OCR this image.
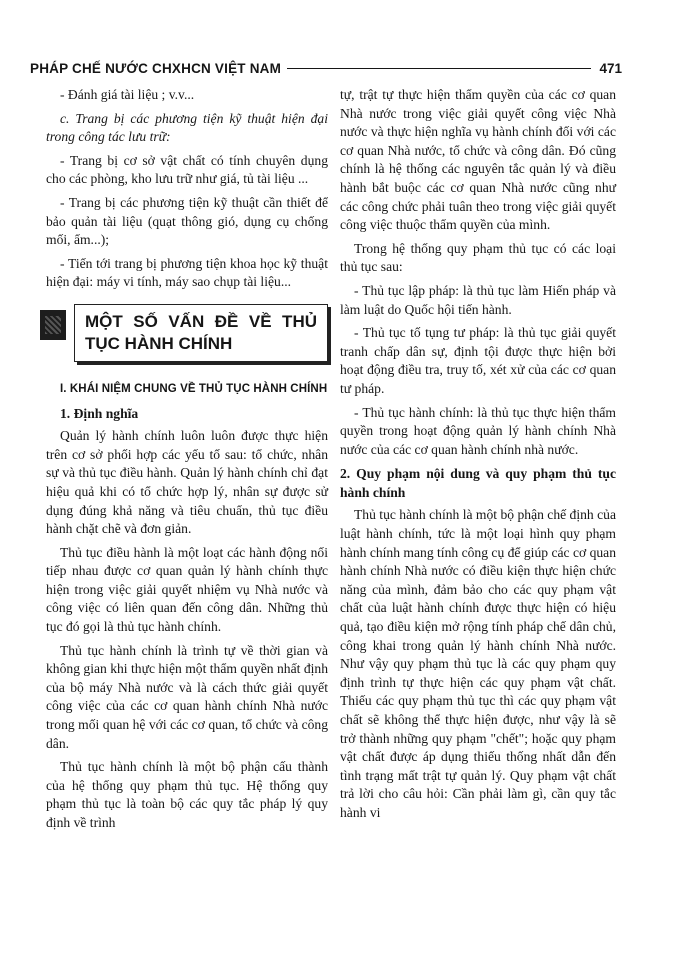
PHÁP CHẾ NƯỚC CHXHCN VIỆT NAM	471

- Đánh giá tài liệu ; v.v...

c. Trang bị các phương tiện kỹ thuật hiện đại trong công tác lưu trữ:

- Trang bị cơ sở vật chất có tính chuyên dụng cho các phòng, kho lưu trữ như giá, tủ tài liệu ...

- Trang bị các phương tiện kỹ thuật cần thiết để bảo quản tài liệu (quạt thông gió, dụng cụ chống mối, ẩm...);

- Tiến tới trang bị phương tiện khoa học kỹ thuật hiện đại: máy vi tính, máy sao chụp tài liệu...

MỘT SỐ VẤN ĐỀ VỀ THỦ TỤC HÀNH CHÍNH
I. KHÁI NIỆM CHUNG VỀ THỦ TỤC HÀNH CHÍNH
1. Định nghĩa

Quản lý hành chính luôn luôn được thực hiện trên cơ sở phối hợp các yếu tố sau: tổ chức, nhân sự và thủ tục điều hành. Quản lý hành chính chỉ đạt hiệu quả khi có tổ chức hợp lý, nhân sự được sử dụng đúng khả năng và tiêu chuẩn, thủ tục điều hành chặt chẽ và đơn giản.

Thủ tục điều hành là một loạt các hành động nối tiếp nhau được cơ quan quản lý hành chính thực hiện trong việc giải quyết nhiệm vụ Nhà nước và công việc có liên quan đến công dân. Những thủ tục đó gọi là thủ tục hành chính.

Thủ tục hành chính là trình tự về thời gian và không gian khi thực hiện một thẩm quyền nhất định của bộ máy Nhà nước và là cách thức giải quyết công việc của các cơ quan hành chính Nhà nước trong mối quan hệ với các cơ quan, tổ chức và công dân.

Thủ tục hành chính là một bộ phận cấu thành của hệ thống quy phạm thủ tục. Hệ thống quy phạm thủ tục là toàn bộ các quy tắc pháp lý quy định về trình

tự, trật tự thực hiện thẩm quyền của các cơ quan Nhà nước trong việc giải quyết công việc Nhà nước và thực hiện nghĩa vụ hành chính đối với các cơ quan Nhà nước, tổ chức và công dân. Đó cũng chính là hệ thống các nguyên tắc quản lý và điều hành bắt buộc các cơ quan Nhà nước cũng như các công chức phải tuân theo trong việc giải quyết công việc thuộc thẩm quyền của mình.

Trong hệ thống quy phạm thủ tục có các loại thủ tục sau:

- Thủ tục lập pháp: là thủ tục làm Hiến pháp và làm luật do Quốc hội tiến hành.

- Thủ tục tố tụng tư pháp: là thủ tục giải quyết tranh chấp dân sự, định tội được thực hiện bởi hoạt động điều tra, truy tố, xét xử của các cơ quan tư pháp.

- Thủ tục hành chính: là thủ tục thực hiện thẩm quyền trong hoạt động quản lý hành chính Nhà nước của các cơ quan hành chính nhà nước.

2. Quy phạm nội dung và quy phạm thủ tục hành chính

Thủ tục hành chính là một bộ phận chế định của luật hành chính, tức là một loại hình quy phạm hành chính mang tính công cụ để giúp các cơ quan hành chính Nhà nước có điều kiện thực hiện chức năng của mình, đảm bảo cho các quy phạm vật chất của luật hành chính được thực hiện có hiệu quả, tạo điều kiện mở rộng tính pháp chế dân chủ, công khai trong quản lý hành chính Nhà nước. Như vậy quy phạm thủ tục là các quy phạm quy định trình tự thực hiện các quy phạm vật chất. Thiếu các quy phạm thủ tục thì các quy phạm vật chất sẽ không thể thực hiện được, như vậy là sẽ trở thành những quy phạm "chết"; hoặc quy phạm vật chất được áp dụng thiếu thống nhất dẫn đến tình trạng mất trật tự quản lý. Quy phạm vật chất trả lời cho câu hỏi: Cần phải làm gì, cần quy tắc hành vi
